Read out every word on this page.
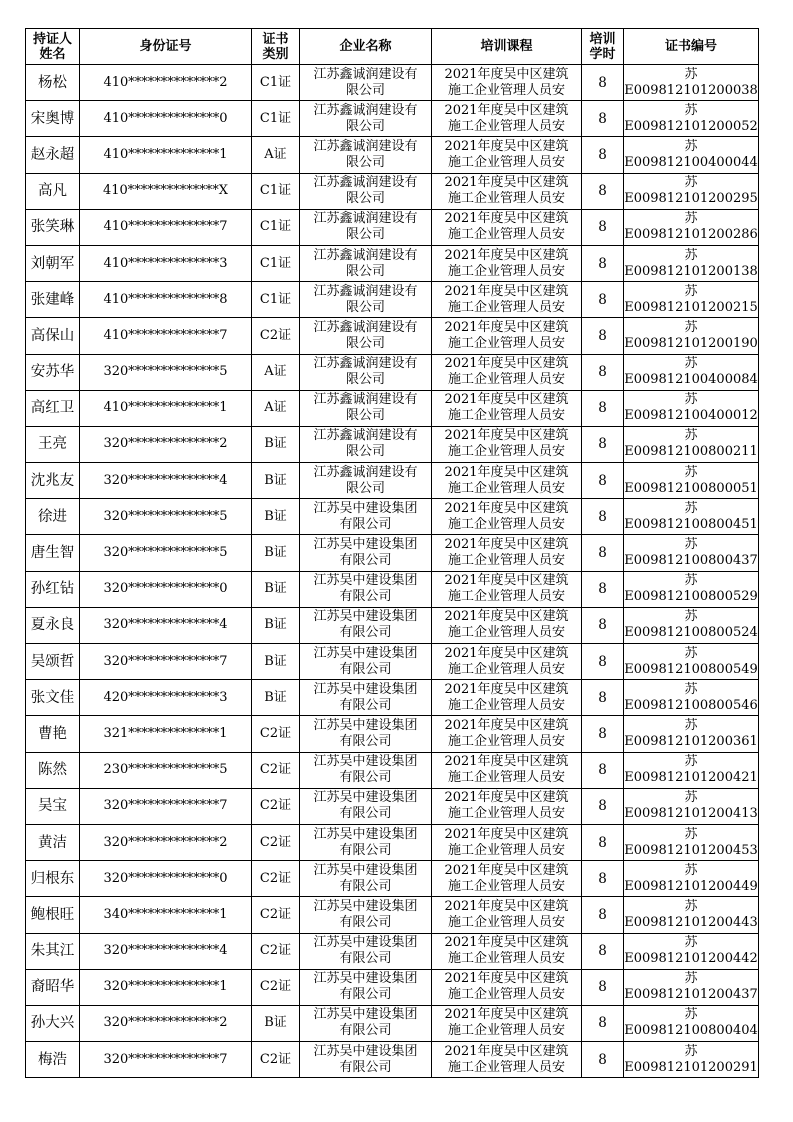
持证人
姓名	身份证号	证书
类别	企业名称	培训课程	培训
学时	证书编号
杨松	410**************2	C1证	江苏鑫诚润建设有
限公司	2021年度吴中区建筑
施工企业管理人员安	8	苏E009812101200038
宋奥博	410**************0	C1证	江苏鑫诚润建设有
限公司	2021年度吴中区建筑
施工企业管理人员安	8	苏E009812101200052
赵永超	410**************1	A证	江苏鑫诚润建设有
限公司	2021年度吴中区建筑
施工企业管理人员安	8	苏E009812100400044
高凡	410**************X	C1证	江苏鑫诚润建设有
限公司	2021年度吴中区建筑
施工企业管理人员安	8	苏E009812101200295
张笑琳	410**************7	C1证	江苏鑫诚润建设有
限公司	2021年度吴中区建筑
施工企业管理人员安	8	苏E009812101200286
刘朝军	410**************3	C1证	江苏鑫诚润建设有
限公司	2021年度吴中区建筑
施工企业管理人员安	8	苏E009812101200138
张建峰	410**************8	C1证	江苏鑫诚润建设有
限公司	2021年度吴中区建筑
施工企业管理人员安	8	苏E009812101200215
高保山	410**************7	C2证	江苏鑫诚润建设有
限公司	2021年度吴中区建筑
施工企业管理人员安	8	苏E009812101200190
安苏华	320**************5	A证	江苏鑫诚润建设有
限公司	2021年度吴中区建筑
施工企业管理人员安	8	苏E009812100400084
高红卫	410**************1	A证	江苏鑫诚润建设有
限公司	2021年度吴中区建筑
施工企业管理人员安	8	苏E009812100400012
王亮	320**************2	B证	江苏鑫诚润建设有
限公司	2021年度吴中区建筑
施工企业管理人员安	8	苏E009812100800211
沈兆友	320**************4	B证	江苏鑫诚润建设有
限公司	2021年度吴中区建筑
施工企业管理人员安	8	苏E009812100800051
徐进	320**************5	B证	江苏吴中建设集团
有限公司	2021年度吴中区建筑
施工企业管理人员安	8	苏E009812100800451
唐生智	320**************5	B证	江苏吴中建设集团
有限公司	2021年度吴中区建筑
施工企业管理人员安	8	苏E009812100800437
孙红钻	320**************0	B证	江苏吴中建设集团
有限公司	2021年度吴中区建筑
施工企业管理人员安	8	苏E009812100800529
夏永良	320**************4	B证	江苏吴中建设集团
有限公司	2021年度吴中区建筑
施工企业管理人员安	8	苏E009812100800524
吴颂哲	320**************7	B证	江苏吴中建设集团
有限公司	2021年度吴中区建筑
施工企业管理人员安	8	苏E009812100800549
张文佳	420**************3	B证	江苏吴中建设集团
有限公司	2021年度吴中区建筑
施工企业管理人员安	8	苏E009812100800546
曹艳	321**************1	C2证	江苏吴中建设集团
有限公司	2021年度吴中区建筑
施工企业管理人员安	8	苏E009812101200361
陈然	230**************5	C2证	江苏吴中建设集团
有限公司	2021年度吴中区建筑
施工企业管理人员安	8	苏E009812101200421
吴宝	320**************7	C2证	江苏吴中建设集团
有限公司	2021年度吴中区建筑
施工企业管理人员安	8	苏E009812101200413
黄洁	320**************2	C2证	江苏吴中建设集团
有限公司	2021年度吴中区建筑
施工企业管理人员安	8	苏E009812101200453
归根东	320**************0	C2证	江苏吴中建设集团
有限公司	2021年度吴中区建筑
施工企业管理人员安	8	苏E009812101200449
鲍根旺	340**************1	C2证	江苏吴中建设集团
有限公司	2021年度吴中区建筑
施工企业管理人员安	8	苏E009812101200443
朱其江	320**************4	C2证	江苏吴中建设集团
有限公司	2021年度吴中区建筑
施工企业管理人员安	8	苏E009812101200442
裔昭华	320**************1	C2证	江苏吴中建设集团
有限公司	2021年度吴中区建筑
施工企业管理人员安	8	苏E009812101200437
孙大兴	320**************2	B证	江苏吴中建设集团
有限公司	2021年度吴中区建筑
施工企业管理人员安	8	苏E009812100800404
梅浩	320**************7	C2证	江苏吴中建设集团
有限公司	2021年度吴中区建筑
施工企业管理人员安	8	苏E009812101200291
